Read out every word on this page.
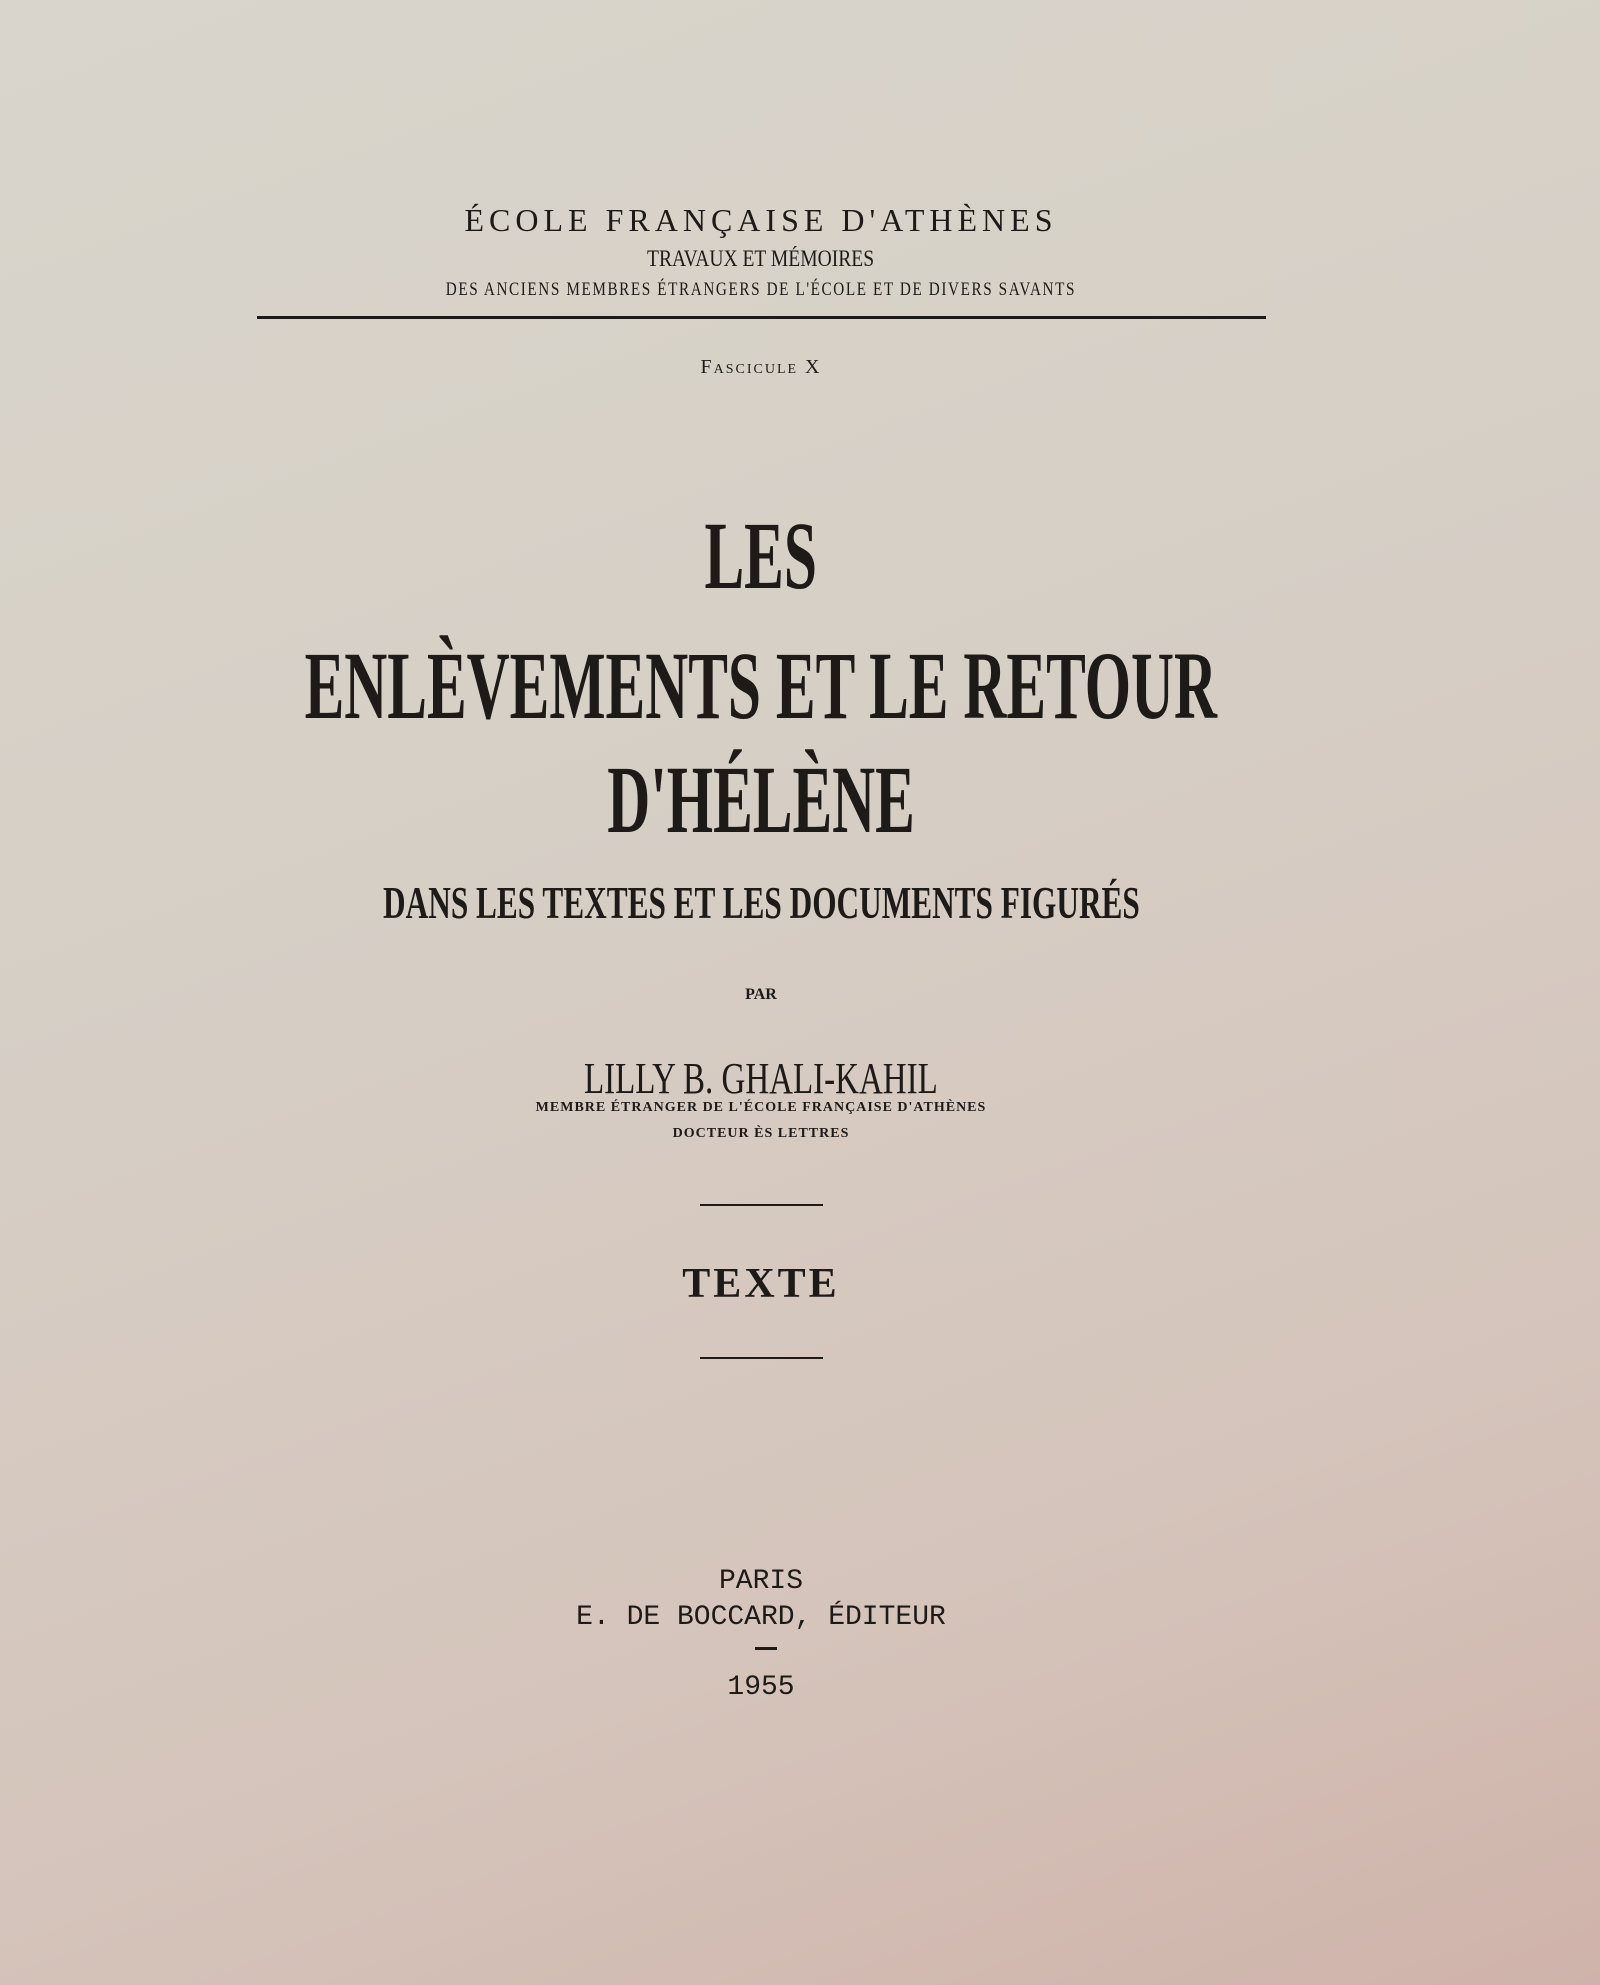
ÉCOLE FRANÇAISE D'ATHÈNES
TRAVAUX ET MÉMOIRES
DES ANCIENS MEMBRES ÉTRANGERS DE L'ÉCOLE ET DE DIVERS SAVANTS
Fascicule X
LES
ENLÈVEMENTS ET LE RETOUR
D'HÉLÈNE
DANS LES TEXTES ET LES DOCUMENTS FIGURÉS
PAR
LILLY B. GHALI-KAHIL
MEMBRE ÉTRANGER DE L'ÉCOLE FRANÇAISE D'ATHÈNES
DOCTEUR ÈS LETTRES
TEXTE
PARIS
E. DE BOCCARD, ÉDITEUR
1955
